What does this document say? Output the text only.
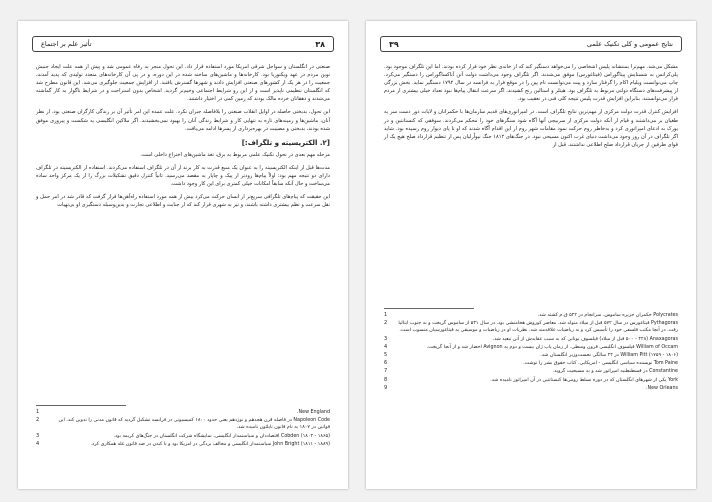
تأثیر علم بر اجتماع	۳۸

صنعتی در انگلستان و سواحل شرقی امریکا مورد استفاده قرار داد. این تحول منجر به رفاه عمومی شد و پیش از همه علت ایجاد جنبش نوین مردم در عهد ویکتوریا بود. کارخانه‌ها و ماشین‌های ساخته شده در این دوره، و در پی آن کارخانه‌های متعدد تولیدی که پدید آمدند، جمعیت را در هر یک از کشورهای صنعتی افزایش دادند و شهرها گسترش یافتند. از افزایش جمعیت جلوگیری می‌شد. این قانون مطرح شد که انگلستان تنظیمی ناپذیر است و از این رو شرایط اجتماعی وخیم‌تر گردید. اشخاص بدون استراحت و در شرایط ناگوار به کار گماشته می‌شدند و دهقانان خرده مالک بودند که زمین کمی در اختیار داشتند.

این تحول، بدبختی حاصله در اوایل انقلاب صنعتی را بلافاصله جبران نکرد. علت عمده این امر تأثیر آن بر زندگی کارگران صنعتی بود. از نظر آنان، ماشین‌ها و زمینه‌های تازه به تنهایی کار و شرایط زندگی آنان را بهبود نمی‌بخشیدند. اگر ملاکین انگلیسی به شکست و پیروزی موفق شده بودند، بدبختی و مصیبت در بهره‌برداری از پسرها ادامه می‌یافت.

[۲. الکتریسیته و تلگراف:]

مرحله مهم بعدی در تحول تکنیک علمی مربوط به برق، تغذ ماشین‌های اختراع داخلی است.

مدت‌ها قبل از اینکه الکتریسیته را به عنوان یک منبع قدرت به کار برند از آن در تلگراف استفاده می‌کردند. استفاده از الکتریسیته در تلگراف دارای دو نتیجه مهم بود: اولاً پیام‌ها زودتر از پیک و چاپار به مقصد می‌رسید. ثانیاً کنترل دقیق تشکیلات بزرگ را از یک مرکز واحد ساده می‌ساخت و حال آنکه سابقاً امکانات خیلی کمتری برای این کار وجود داشت.

این حقیقت که پیام‌های تلگرافی سریع‌تر از انسان حرکت می‌کرد بیش از همه مورد استفاده راه‌آهن‌ها قرار گرفت که قادر شد در امر حمل و نقل سرعت و نظم بیشتری داشته باشند، و نیز به شهری قرار کند که از جنابت و اطلاعی تجارت و بدین‌وسیله دستگیری او بی‌تهیات

1	New England.
2	Napoleon Code در فاصله قرن هجدهم و نوزدهم یعنی حدود ۱۸۰۰ کمیسیونی در فرانسه تشکیل گردید که قانون مدنی را تدوین کند. این قوانین در ۱۸۰۷ به نام قانون ناپلئون نامیده شد.
3	Cobden (۱۸۰۴ - ۱۸۶۵) اقتصاددان و سیاستمدار انگلیسی، نمایشگاه شرکت انگلستان در جنگ‌های کریمه بود.
4	John Bright (۱۸۱۱ - ۱۸۸۹) سیاستمدار انگلیسی و مخالف بردگی در امریکا بود و با کبدن در ضد قانون غله همکاری کرد.
۳۹	نتایج عمومی و کلی تکنیک علمی

مشکل می‌شد. مهم‌ترا بمنتشانه پلیس اشخاصی را می‌خواهد دستگیر کند که از خانه‌ی نظر خود فرار کرده بودند. اما این تلگراف موجود بود. پلی‌کراتس به شستایش پیتاگوراس (فیثاغورس) موفق می‌شدند. اگر تلگراف وجود می‌داشت دولت آتن آناکساگوراس را دستگیر می‌کرد. چاپ می‌توانست ویلیام اکام را گرفتار سازد و پیت می‌توانست تام پین را در موقع فرار به فرانسه در سال ۱۷۹۲ دستگیر نماید. بخش بزرگی از پیشرفت‌های دستگاه دولتی مربوط به تلگراف بود. هیتلر و استالین رنج کشیدند. اگر سرعت انتقال پیام‌ها نبود تعداد خیلی بیشتری از مردم فرار می‌توانستند. بنابراین افزایش قدرت پلیس نتیجه کلی فنی در تعقیب بود.

افزایش کنترل قدرت دولت مرکزی از مهم‌ترین نتایج تلگراف است. در امپراتوری‌های قدیم سازمان‌ها با حکمرانان و لایات دور دست سر به طغیان بر می‌داشتند و قیام از آنکه دولت مرکزی از سربیجی آنها آگاه شود سنگرهای خود را محکم می‌کردند. سوفقی که کنستانتین و در یورک به ادعای امپراتوری کرد و به‌خاطر روم حرکت نمود مقامات شهر روم از این اقدام آگاه شدند که او تا پای دیوار روم رسیده بود. شاید اگر تلگراف در آن روز وجود می‌داشت دنیای غرب اکنون مسیحی نبود. در جنگ‌های ۱۸۱۲ جنگ نیواُرلیان پس از تنظیم قرارداد صلح هیچ یک از قوای طرفین از جریان قرارداد صلح اطلاعی نداشتند. قبل از

1	Polycrates حکمران جزیره ساموس. سرانجام در ۵۲۲ ق.م کشته شد.
2	Pythagoras فیثاغورس در سال ۵۷۲ قبل از میلاد متولد شد. معاصر کوروش هخامنشی بود. در سال ۵۳۱ از ساموس گریخت و به جنوب ایتالیا رفت. در آنجا مکتب فلسفی خود را تأسیس کرد و به ریاضیات علاقه‌مند شد. نظریات او در ریاضیات و موسیقی به فیثاغورسیان منسوب است.
3	Anaxagoras (۵۰۰ - ۴۲۸ قبل از میلاد) فیلسوف یونانی که به سبب عقایدش از آتن تبعید شد.
4	William of Occam فیلسوف انگلیسی قرون وسطی. از زمان پاپ ژان بیست و دوم به Avignon احضار شد و از آنجا گریخت.
5	William Pitt (۱۷۵۹ - ۱۸۰۶) در ۲۴ سالگی نخست‌وزیر انگلستان شد.
6	Tom Paine نویسنده سیاسی انگلیسی - امریکایی. کتاب حقوق بشر را نوشت.
7	Constantine در قسطنطنیه امپراتور شد و به مسیحیت گروید.
8	York یکی از شهرهای انگلستان که در دوره تسلط رومی‌ها کنستانتین در آن امپراتور نامیده شد.
9	New Orleans.
